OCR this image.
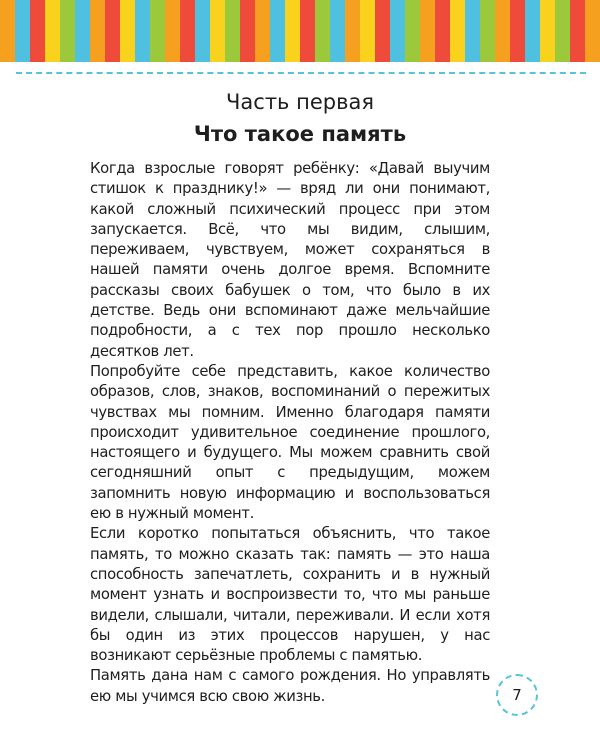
Часть первая

Что такое память

Когда взрослые говорят ребёнку: «Давай выучим стишок к празднику!» — вряд ли они понимают, какой сложный психический процесс при этом запускается. Всё, что мы видим, слышим, переживаем, чувствуем, может сохраняться в нашей памяти очень долгое время. Вспомните рассказы своих бабушек о том, что было в их детстве. Ведь они вспоминают даже мельчайшие подробности, а с тех пор прошло несколько десятков лет.

Попробуйте себе представить, какое количество образов, слов, знаков, воспоминаний о пережитых чувствах мы помним. Именно благодаря памяти происходит удивительное соединение прошлого, настоящего и будущего. Мы можем сравнить свой сегодняшний опыт с предыдущим, можем запомнить новую информацию и воспользоваться ею в нужный момент.

Если коротко попытаться объяснить, что такое память, то можно сказать так: память — это наша способность запечатлеть, сохранить и в нужный момент узнать и воспроизвести то, что мы раньше видели, слышали, читали, переживали. И если хотя бы один из этих процессов нарушен, у нас возникают серьёзные проблемы с памятью.

Память дана нам с самого рождения. Но управлять ею мы учимся всю свою жизнь.	7
